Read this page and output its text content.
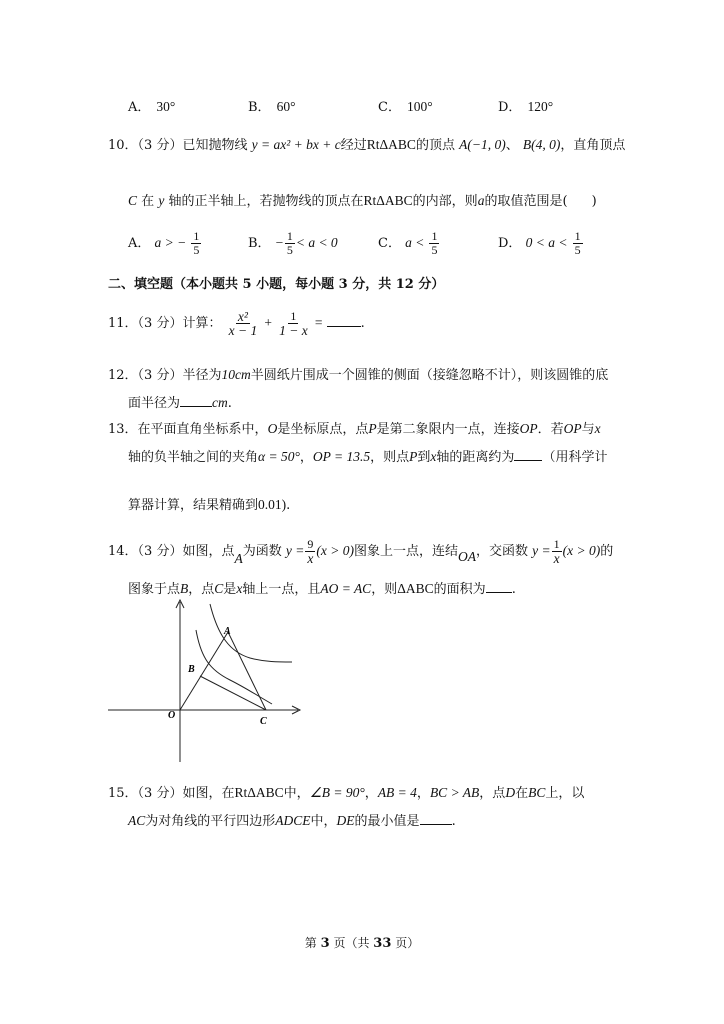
A． 30°	B． 60°	C． 100°	D． 120°
10．（3 分）已知抛物线 y = ax² + bx + c经过RtΔABC的顶点 A(−1, 0)、 B(4, 0)，直角顶点
C 在 y 轴的正半轴上，若抛物线的顶点在RtΔABC的内部，则a的取值范围是( )
A． a > − $\frac{1}{5}$	B． − $\frac{1}{5} < a < 0$	C． $a < \frac{1}{5}$	D． $0 < a < \frac{1}{5}$
二、填空题（本小题共 5 小题，每小题 3 分，共 12 分）
11．（3 分）计算： $\frac{\text{x²}}{x - 1} + \frac{1}{1 - x}$ =	.
12．（3 分）半径为10cm半圆纸片围成一个圆锥的侧面（接缝忽略不计），则该圆锥的底
面半径为 cm.
13．在平面直角坐标系中，O是坐标原点，点P是第二象限内一点，连接OP．若OP与x
轴的负半轴之间的夹角α = 50°，OP = 13.5，则点P到x轴的距离约为 （用科学计
算器计算，结果精确到0.01).
14．（3 分）如图，点A为函数 $y = \frac{9}{x} (x > 0)$图象上一点，连结OA，交函数 $y = \frac{1}{x} (x > 0)$的
图象于点B，点C是x轴上一点，且AO = AC，则ΔABC的面积为 .
A
B
O
C
15．（3 分）如图，在RtΔABC中，∠B = 90°，AB = 4，BC > AB，点D在BC上，以
AC为对角线的平行四边形ADCE中，DE的最小值是 .
第 3 页（共 33 页）
